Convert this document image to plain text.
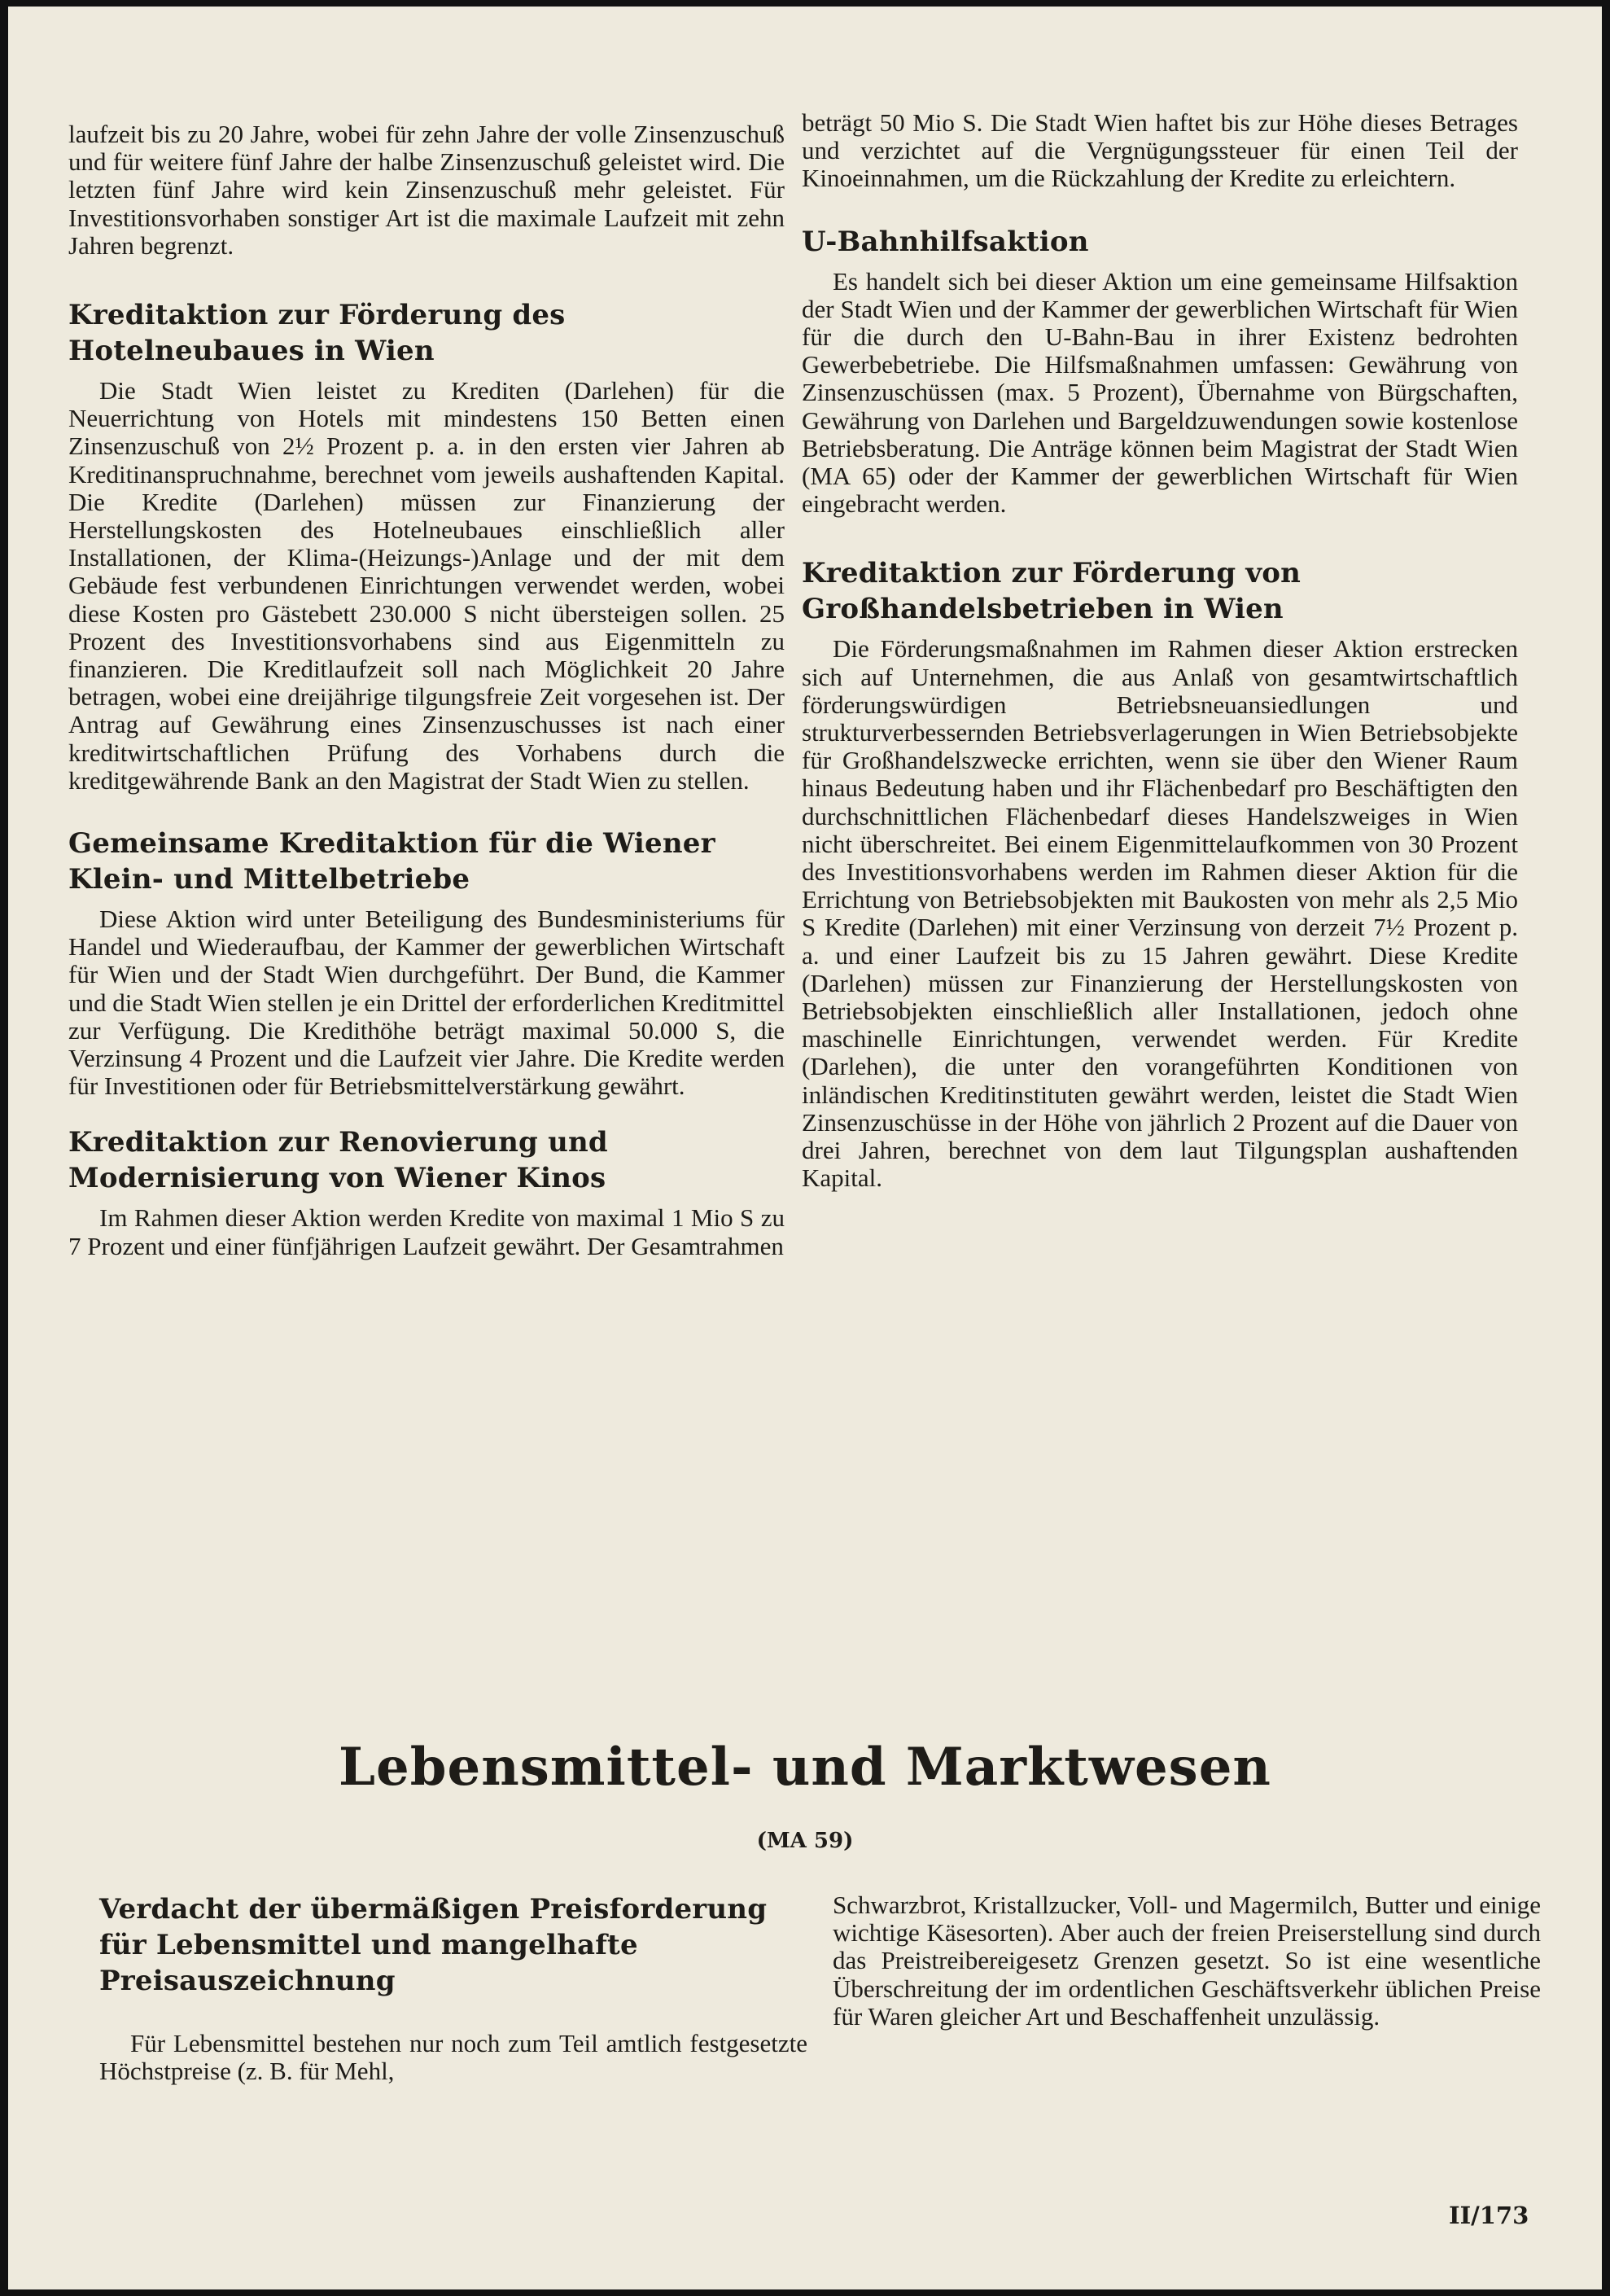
laufzeit bis zu 20 Jahre, wobei für zehn Jahre der volle Zinsenzuschuß und für weitere fünf Jahre der halbe Zinsenzuschuß geleistet wird. Die letzten fünf Jahre wird kein Zinsenzuschuß mehr geleistet. Für Investitionsvorhaben sonstiger Art ist die maximale Laufzeit mit zehn Jahren begrenzt.

Kreditaktion zur Förderung des Hotelneubaues in Wien

Die Stadt Wien leistet zu Krediten (Darlehen) für die Neuerrichtung von Hotels mit mindestens 150 Betten einen Zinsenzuschuß von 2½ Prozent p. a. in den ersten vier Jahren ab Kreditinanspruchnahme, berechnet vom jeweils aushaftenden Kapital. Die Kredite (Darlehen) müssen zur Finanzierung der Herstellungskosten des Hotelneubaues einschließlich aller Installationen, der Klima-(Heizungs-)Anlage und der mit dem Gebäude fest verbundenen Einrichtungen verwendet werden, wobei diese Kosten pro Gästebett 230.000 S nicht übersteigen sollen. 25 Prozent des Investitionsvorhabens sind aus Eigenmitteln zu finanzieren. Die Kreditlaufzeit soll nach Möglichkeit 20 Jahre betragen, wobei eine dreijährige tilgungsfreie Zeit vorgesehen ist. Der Antrag auf Gewährung eines Zinsenzuschusses ist nach einer kreditwirtschaftlichen Prüfung des Vorhabens durch die kreditgewährende Bank an den Magistrat der Stadt Wien zu stellen.

Gemeinsame Kreditaktion für die Wiener Klein- und Mittelbetriebe

Diese Aktion wird unter Beteiligung des Bundesministeriums für Handel und Wiederaufbau, der Kammer der gewerblichen Wirtschaft für Wien und der Stadt Wien durchgeführt. Der Bund, die Kammer und die Stadt Wien stellen je ein Drittel der erforderlichen Kreditmittel zur Verfügung. Die Kredithöhe beträgt maximal 50.000 S, die Verzinsung 4 Prozent und die Laufzeit vier Jahre. Die Kredite werden für Investitionen oder für Betriebsmittelverstärkung gewährt.

Kreditaktion zur Renovierung und Modernisierung von Wiener Kinos

Im Rahmen dieser Aktion werden Kredite von maximal 1 Mio S zu 7 Prozent und einer fünfjährigen Laufzeit gewährt. Der Gesamtrahmen

beträgt 50 Mio S. Die Stadt Wien haftet bis zur Höhe dieses Betrages und verzichtet auf die Vergnügungssteuer für einen Teil der Kinoeinnahmen, um die Rückzahlung der Kredite zu erleichtern.

U-Bahnhilfsaktion

Es handelt sich bei dieser Aktion um eine gemeinsame Hilfsaktion der Stadt Wien und der Kammer der gewerblichen Wirtschaft für Wien für die durch den U-Bahn-Bau in ihrer Existenz bedrohten Gewerbebetriebe. Die Hilfsmaßnahmen umfassen: Gewährung von Zinsenzuschüssen (max. 5 Prozent), Übernahme von Bürgschaften, Gewährung von Darlehen und Bargeldzuwendungen sowie kostenlose Betriebsberatung. Die Anträge können beim Magistrat der Stadt Wien (MA 65) oder der Kammer der gewerblichen Wirtschaft für Wien eingebracht werden.

Kreditaktion zur Förderung von Großhandelsbetrieben in Wien

Die Förderungsmaßnahmen im Rahmen dieser Aktion erstrecken sich auf Unternehmen, die aus Anlaß von gesamtwirtschaftlich förderungswürdigen Betriebsneuansiedlungen und strukturverbessernden Betriebsverlagerungen in Wien Betriebsobjekte für Großhandelszwecke errichten, wenn sie über den Wiener Raum hinaus Bedeutung haben und ihr Flächenbedarf pro Beschäftigten den durchschnittlichen Flächenbedarf dieses Handelszweiges in Wien nicht überschreitet. Bei einem Eigenmittelaufkommen von 30 Prozent des Investitionsvorhabens werden im Rahmen dieser Aktion für die Errichtung von Betriebsobjekten mit Baukosten von mehr als 2,5 Mio S Kredite (Darlehen) mit einer Verzinsung von derzeit 7½ Prozent p. a. und einer Laufzeit bis zu 15 Jahren gewährt. Diese Kredite (Darlehen) müssen zur Finanzierung der Herstellungskosten von Betriebsobjekten einschließlich aller Installationen, jedoch ohne maschinelle Einrichtungen, verwendet werden. Für Kredite (Darlehen), die unter den vorangeführten Konditionen von inländischen Kreditinstituten gewährt werden, leistet die Stadt Wien Zinsenzuschüsse in der Höhe von jährlich 2 Prozent auf die Dauer von drei Jahren, berechnet von dem laut Tilgungsplan aushaftenden Kapital.

Lebensmittel- und Marktwesen
(MA 59)
Verdacht der übermäßigen Preisforderung für Lebensmittel und mangelhafte Preisauszeichnung

Für Lebensmittel bestehen nur noch zum Teil amtlich festgesetzte Höchstpreise (z. B. für Mehl,

Schwarzbrot, Kristallzucker, Voll- und Magermilch, Butter und einige wichtige Käsesorten). Aber auch der freien Preiserstellung sind durch das Preistreibereigesetz Grenzen gesetzt. So ist eine wesentliche Überschreitung der im ordentlichen Geschäftsverkehr üblichen Preise für Waren gleicher Art und Beschaffenheit unzulässig.

II/173
